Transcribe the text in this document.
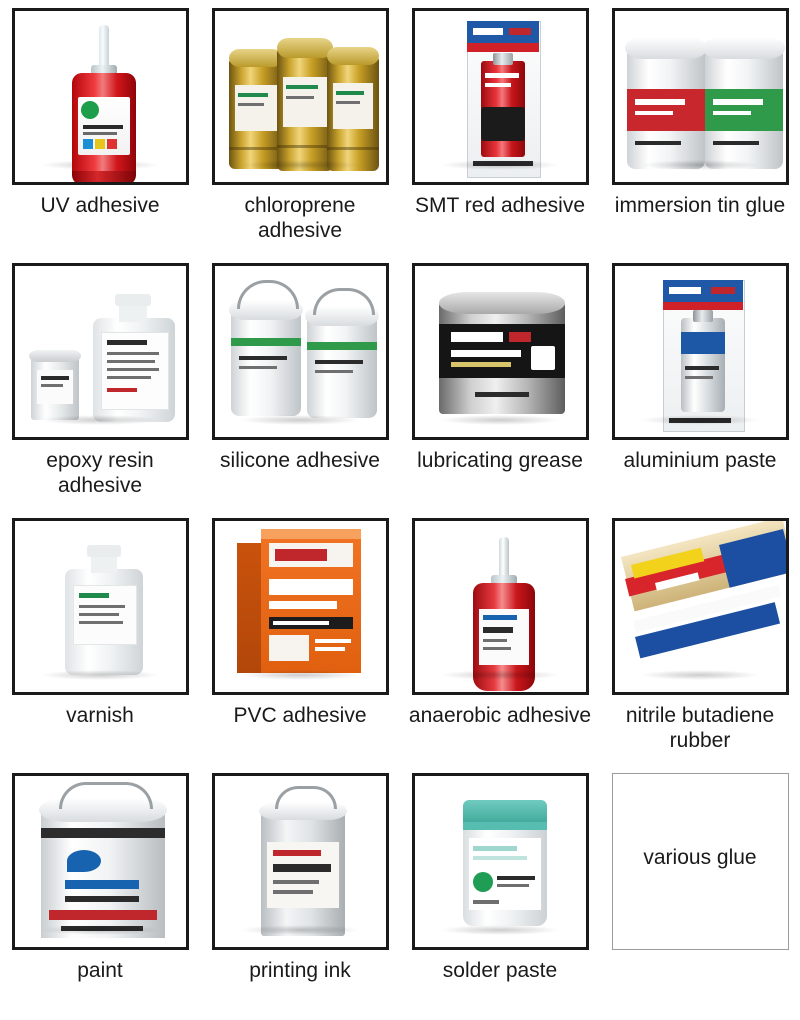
UV adhesive	chloroprene adhesive
SMT red adhesive	immersion tin glue
epoxy resin adhesive
silicone adhesive	lubricating grease	aluminium paste
varnish	PVC adhesive	anaerobic adhesive	nitrile butadiene rubber
paint	printing ink	solder paste
various glue
